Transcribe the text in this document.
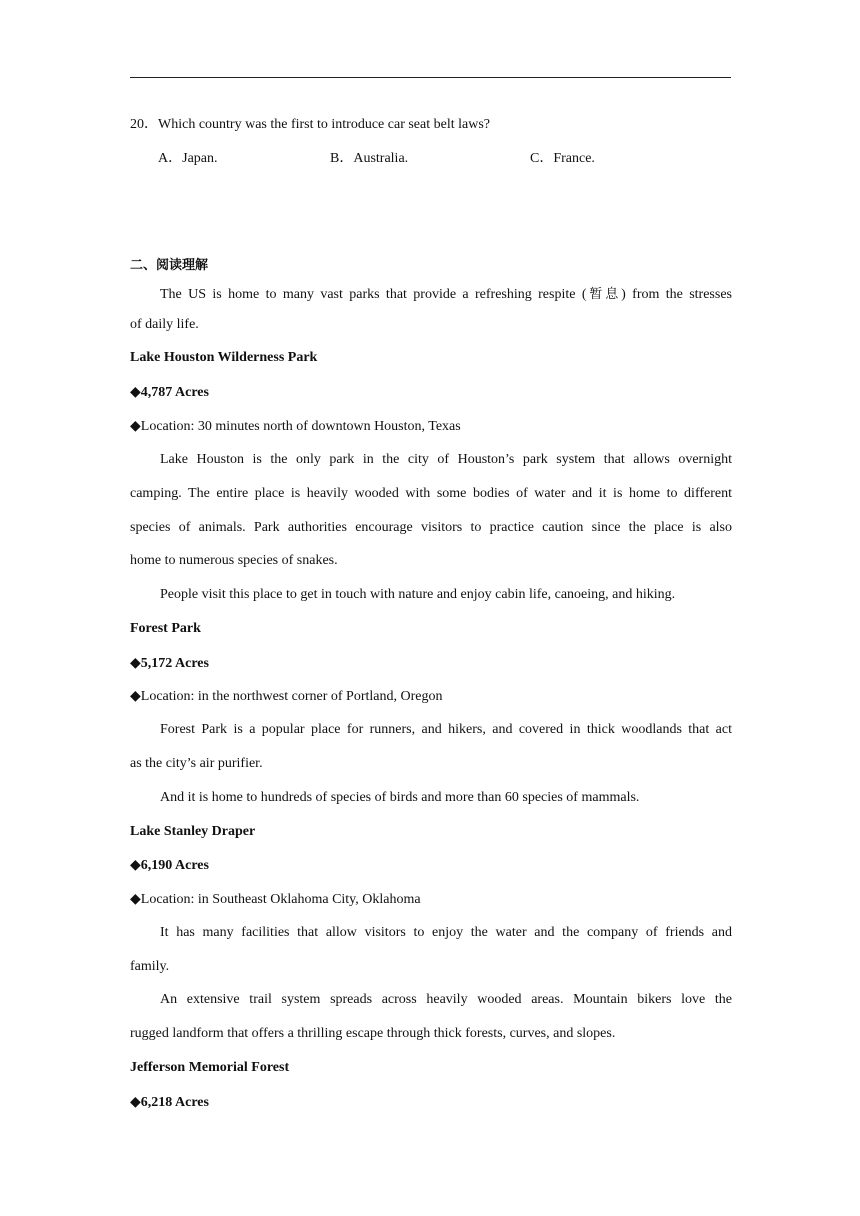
20．Which country was the first to introduce car seat belt laws?
A．Japan.	B．Australia.	C．France.
二、阅读理解
The US is home to many vast parks that provide a refreshing respite (暂息) from the stresses
of daily life.
Lake Houston Wilderness Park
◆4,787 Acres
◆Location: 30 minutes north of downtown Houston, Texas
Lake Houston is the only park in the city of Houston’s park system that allows overnight
camping. The entire place is heavily wooded with some bodies of water and it is home to different
species of animals. Park authorities encourage visitors to practice caution since the place is also
home to numerous species of snakes.
People visit this place to get in touch with nature and enjoy cabin life, canoeing, and hiking.
Forest Park
◆5,172 Acres
◆Location: in the northwest corner of Portland, Oregon
Forest Park is a popular place for runners, and hikers, and covered in thick woodlands that act
as the city’s air purifier.
And it is home to hundreds of species of birds and more than 60 species of mammals.
Lake Stanley Draper
◆6,190 Acres
◆Location: in Southeast Oklahoma City, Oklahoma
It has many facilities that allow visitors to enjoy the water and the company of friends and
family.
An extensive trail system spreads across heavily wooded areas. Mountain bikers love the
rugged landform that offers a thrilling escape through thick forests, curves, and slopes.
Jefferson Memorial Forest
◆6,218 Acres
